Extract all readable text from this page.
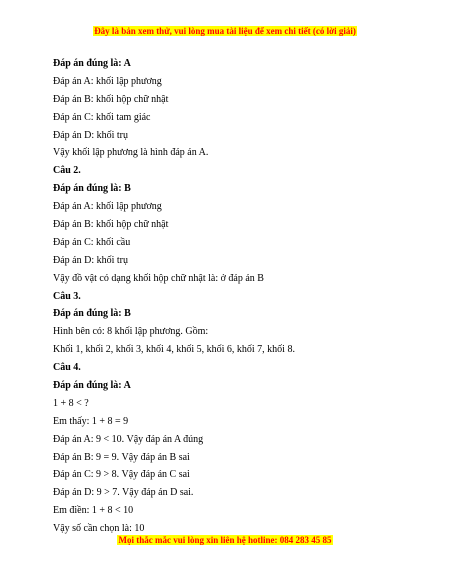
Đây là bản xem thử, vui lòng mua tài liệu để xem chi tiết (có lời giải)
Đáp án đúng là: A
Đáp án A: khối lập phương
Đáp án B: khối hộp chữ nhật
Đáp án C: khối tam giác
Đáp án D: khối trụ
Vậy khối lập phương là hình đáp án A.
Câu 2.
Đáp án đúng là: B
Đáp án A: khối lập phương
Đáp án B: khối hộp chữ nhật
Đáp án C: khối cầu
Đáp án D: khối trụ
Vậy đồ vật có dạng khối hộp chữ nhật là: ở đáp án B
Câu 3.
Đáp án đúng là: B
Hình bên có: 8 khối lập phương. Gồm:
Khối 1, khối 2, khối 3, khối 4, khối 5, khối 6, khối 7, khối 8.
Câu 4.
Đáp án đúng là: A
1 + 8 < ?
Em thấy: 1 + 8 = 9
Đáp án A: 9 < 10. Vậy đáp án A đúng
Đáp án B: 9 = 9. Vậy đáp án B sai
Đáp án C: 9 > 8. Vậy đáp án C sai
Đáp án D: 9 > 7. Vậy đáp án D sai.
Em điền: 1 + 8 < 10
Vậy số cần chọn là: 10
Mọi thắc mắc vui lòng xin liên hệ hotline: 084 283 45 85
